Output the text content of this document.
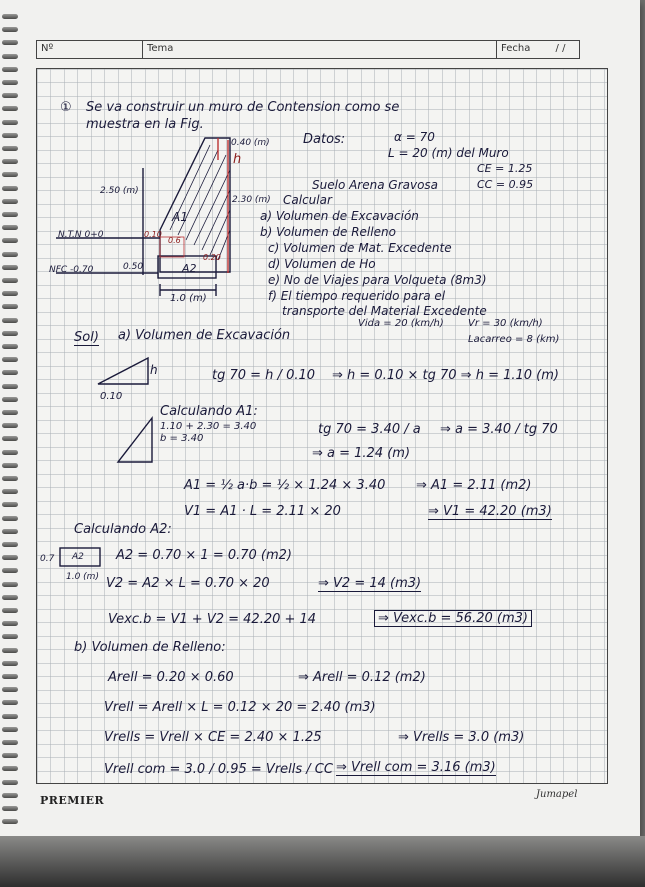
Nº	Tema	Fecha	/ /
① Se va construir un muro de Contension como se
muestra en la Fig.
0.40 (m)	Datos:	α = 70
L = 20 (m) del Muro
CE = 1.25
CC = 0.95
Suelo Arena Gravosa
h
2.50 (m)
2.30 (m) Calcular
a) Volumen de Excavación
b) Volumen de Relleno
c) Volumen de Mat. Excedente
d) Volumen de Ho
e) No de Viajes para Volqueta (8m3)
f) El tiempo requerido para el
transporte del Material Excedente
Vida = 20 (km/h) Vr = 30 (km/h)
Lacarreo = 8 (km)
N.T.N 0+0
NFC -0.70	0.50
0.10
0.6
0.20
1.0 (m)
A1
A2
Sol) a) Volumen de Excavación
h
0.10
tg 70 = h / 0.10 ⇒ h = 0.10 × tg 70 ⇒ h = 1.10 (m)
Calculando A1:
1.10 + 2.30 = 3.40
b = 3.40
tg 70 = 3.40 / a ⇒ a = 3.40 / tg 70
⇒ a = 1.24 (m)
A1 = ½ a·b = ½ × 1.24 × 3.40 ⇒ A1 = 2.11 (m2)
V1 = A1 · L = 2.11 × 20	⇒ V1 = 42.20 (m3)
Calculando A2:
A2
0.7
1.0 (m)
A2 = 0.70 × 1 = 0.70 (m2)
V2 = A2 × L = 0.70 × 20	⇒ V2 = 14 (m3)
Vexc.b = V1 + V2 = 42.20 + 14	⇒ Vexc.b = 56.20 (m3)
b) Volumen de Relleno:
Arell = 0.20 × 0.60	⇒ Arell = 0.12 (m2)
Vrell = Arell × L = 0.12 × 20 = 2.40 (m3)
Vrells = Vrell × CE = 2.40 × 1.25	⇒ Vrells = 3.0 (m3)
Vrell com = 3.0 / 0.95 = Vrells / CC ⇒ Vrell com = 3.16 (m3)
PREMIER	Jumapel
